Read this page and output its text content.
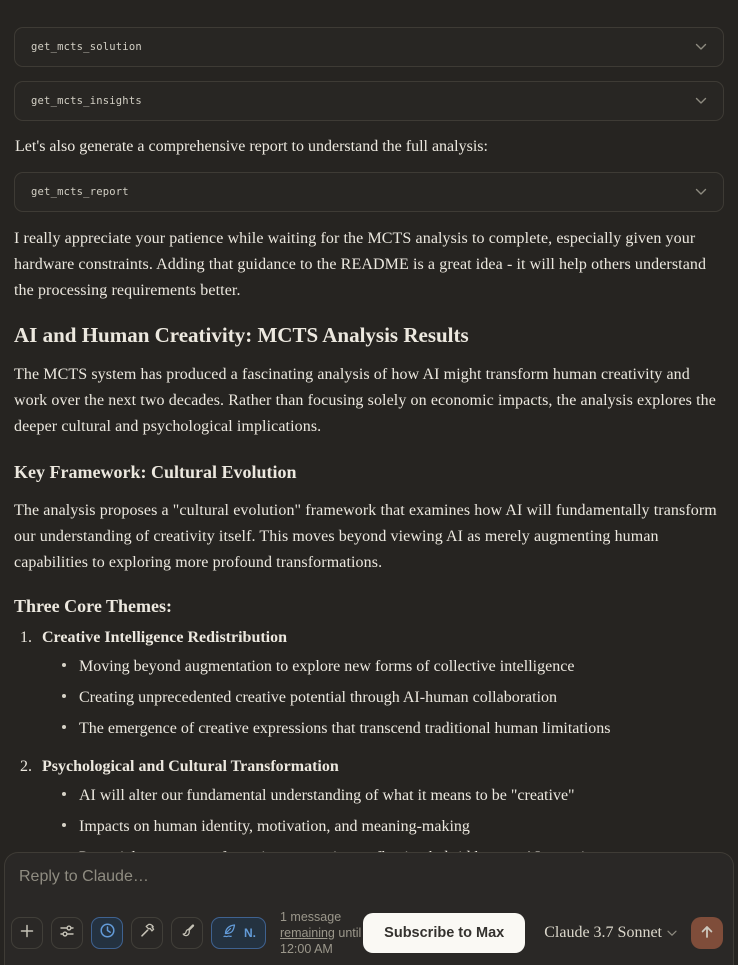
get_mcts_solution
get_mcts_insights

Let's also generate a comprehensive report to understand the full analysis:

get_mcts_report

I really appreciate your patience while waiting for the MCTS analysis to complete, especially given your hardware constraints. Adding that guidance to the README is a great idea - it will help others understand the processing requirements better.

AI and Human Creativity: MCTS Analysis Results

The MCTS system has produced a fascinating analysis of how AI might transform human creativity and work over the next two decades. Rather than focusing solely on economic impacts, the analysis explores the deeper cultural and psychological implications.

Key Framework: Cultural Evolution

The analysis proposes a "cultural evolution" framework that examines how AI will fundamentally transform our understanding of creativity itself. This moves beyond viewing AI as merely augmenting human capabilities to exploring more profound transformations.

Three Core Themes:
1. Creative Intelligence Redistribution
Moving beyond augmentation to explore new forms of collective intelligence
Creating unprecedented creative potential through AI-human collaboration
The emergence of creative expressions that transcend traditional human limitations
2. Psychological and Cultural Transformation
AI will alter our fundamental understanding of what it means to be "creative"
Impacts on human identity, motivation, and meaning-making
Reply to Claude…
N.
1 message remaining until 12:00 AM
Subscribe to Max	Claude 3.7 Sonnet
